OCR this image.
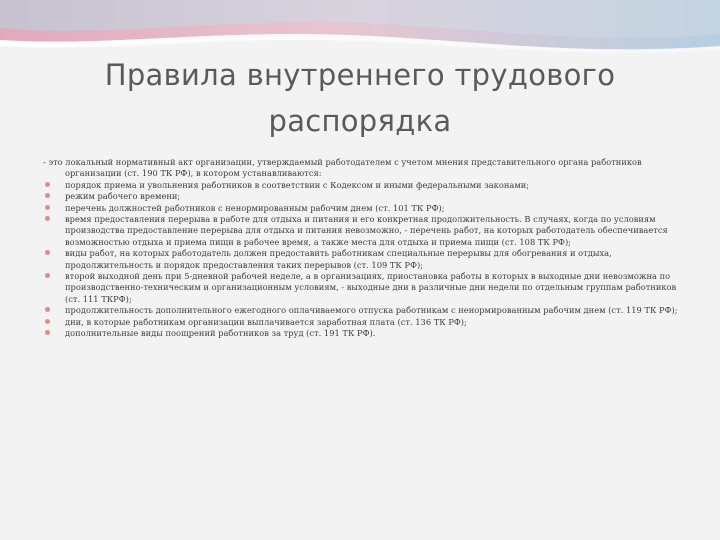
Правила внутреннего трудового
распорядка

- это локальный нормативный акт организации, утверждаемый работодателем с учетом мнения представительного органа работников организации (ст. 190 ТК РФ), в котором устанавливаются:

порядок приема и увольнения работников в соответствии с Кодексом и иными федеральными законами;
режим рабочего времени;
перечень должностей работников с ненормированным рабочим днем (ст. 101 ТК РФ);
время предоставления перерыва в работе для отдыха и питания и его конкретная продолжительность. В случаях, когда по условиям производства предоставление перерыва для отдыха и питания невозможно, - перечень работ, на которых работодатель обеспечивается возможностью отдыха и приема пищи в рабочее время, а также места для отдыха и приема пищи (ст. 108 ТК РФ);
виды работ, на которых работодатель должен предоставить работникам специальные перерывы для обогревания и отдыха, продолжительность и порядок предоставления таких перерывов (ст. 109 ТК РФ);
второй выходной день при 5-дневной рабочей неделе, а в организациях, приостановка работы в которых в выходные дни невозможна по производственно-техническим и организационным условиям, - выходные дни в различные дни недели по отдельным группам работников (ст. 111 ТКРФ);
продолжительность дополнительного ежегодного оплачиваемого отпуска работникам с ненормированным рабочим днем (ст. 119 ТК РФ);
дни, в которые работникам организации выплачивается заработная плата (ст. 136 ТК РФ);
дополнительные виды поощрений работников за труд (ст. 191 ТК РФ).
